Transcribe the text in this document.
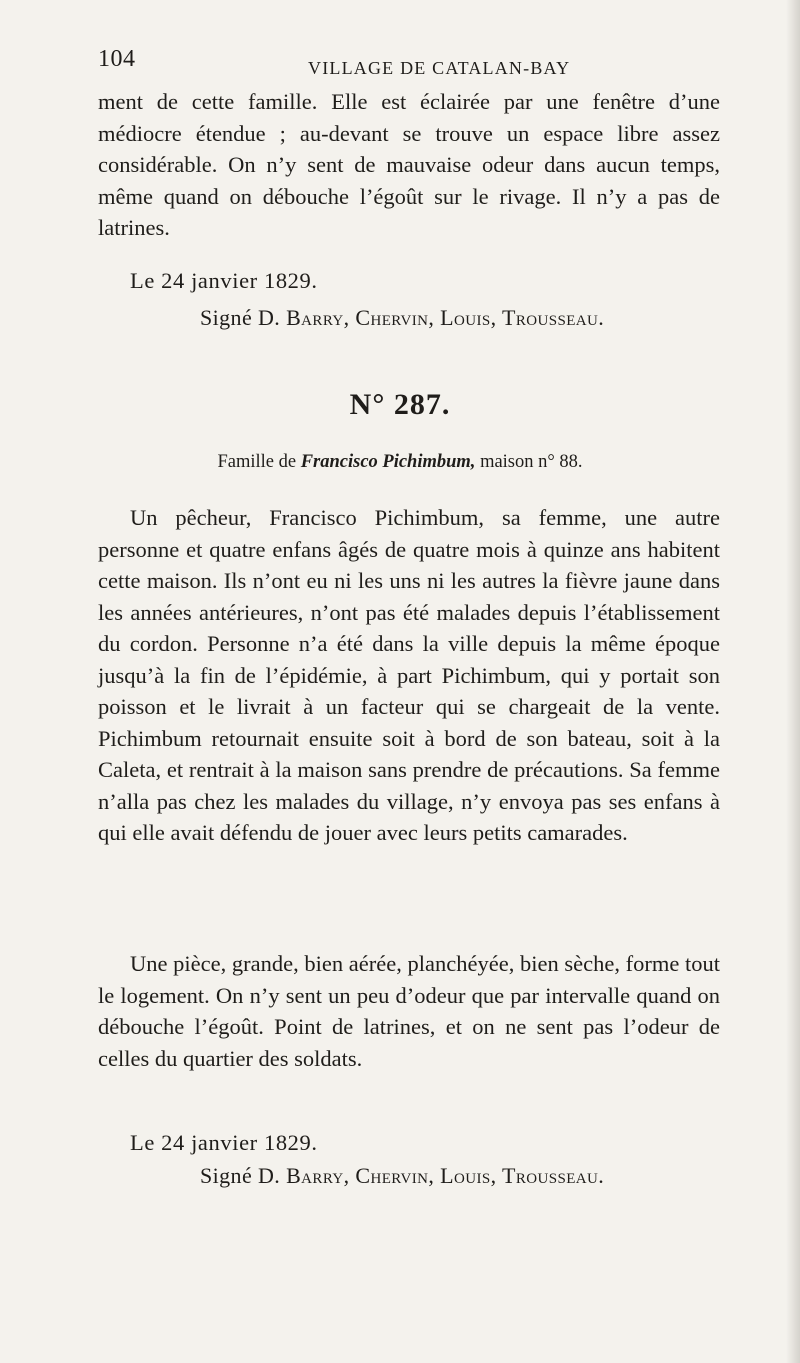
104	VILLAGE DE CATALAN-BAY

ment de cette famille. Elle est éclairée par une fenêtre d’une médiocre étendue ; au-devant se trouve un espace libre assez considérable. On n’y sent de mauvaise odeur dans aucun temps, même quand on débouche l’égoût sur le rivage. Il n’y a pas de latrines.

Le 24 janvier 1829.
Signé D. Barry, Chervin, Louis, Trousseau.
N° 287.
Famille de Francisco Pichimbum, maison n° 88.

Un pêcheur, Francisco Pichimbum, sa femme, une autre personne et quatre enfans âgés de quatre mois à quinze ans habitent cette maison. Ils n’ont eu ni les uns ni les autres la fièvre jaune dans les années antérieures, n’ont pas été malades depuis l’établissement du cordon. Personne n’a été dans la ville depuis la même époque jusqu’à la fin de l’épidémie, à part Pichimbum, qui y portait son poisson et le livrait à un facteur qui se chargeait de la vente. Pichimbum retournait ensuite soit à bord de son bateau, soit à la Caleta, et rentrait à la maison sans prendre de précautions. Sa femme n’alla pas chez les malades du village, n’y envoya pas ses enfans à qui elle avait défendu de jouer avec leurs petits camarades.

Une pièce, grande, bien aérée, planchéyée, bien sèche, forme tout le logement. On n’y sent un peu d’odeur que par intervalle quand on débouche l’égoût. Point de latrines, et on ne sent pas l’odeur de celles du quartier des soldats.

Le 24 janvier 1829.
Signé D. Barry, Chervin, Louis, Trousseau.
